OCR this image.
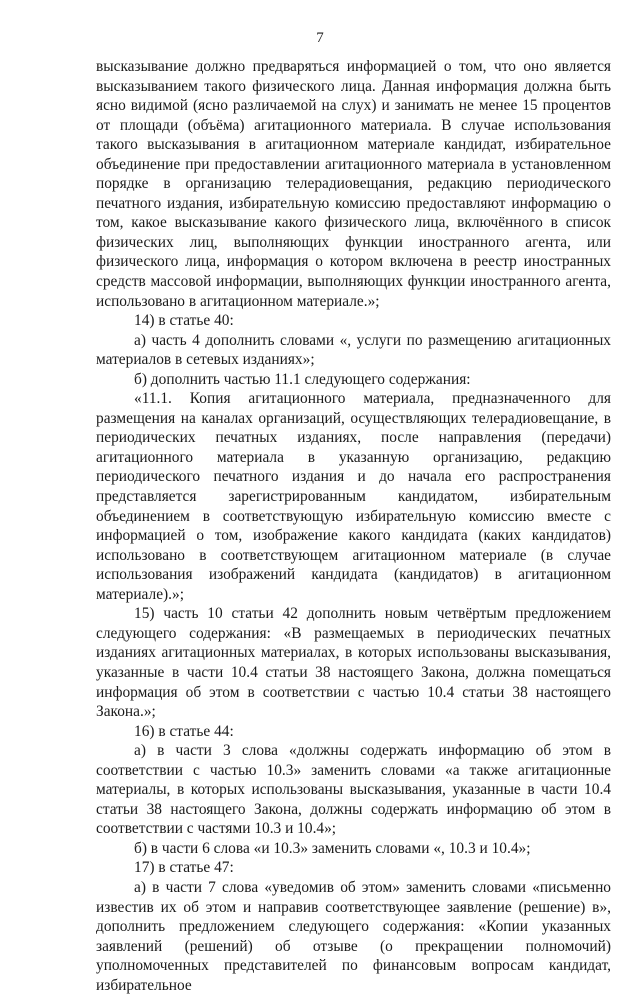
7

высказывание должно предваряться информацией о том, что оно является высказыванием такого физического лица. Данная информация должна быть ясно видимой (ясно различаемой на слух) и занимать не менее 15 процентов от площади (объёма) агитационного материала. В случае использования такого высказывания в агитационном материале кандидат, избирательное объединение при предоставлении агитационного материала в установленном порядке в организацию телерадиовещания, редакцию периодического печатного издания, избирательную комиссию предоставляют информацию о том, какое высказывание какого физического лица, включённого в список физических лиц, выполняющих функции иностранного агента, или физического лица, информация о котором включена в реестр иностранных средств массовой информации, выполняющих функции иностранного агента, использовано в агитационном материале.»;

14) в статье 40:

а) часть 4 дополнить словами «, услуги по размещению агитационных материалов в сетевых изданиях»;

б) дополнить частью 11.1 следующего содержания:

«11.1. Копия агитационного материала, предназначенного для размещения на каналах организаций, осуществляющих телерадиовещание, в периодических печатных изданиях, после направления (передачи) агитационного материала в указанную организацию, редакцию периодического печатного издания и до начала его распространения представляется зарегистрированным кандидатом, избирательным объединением в соответствующую избирательную комиссию вместе с информацией о том, изображение какого кандидата (каких кандидатов) использовано в соответствующем агитационном материале (в случае использования изображений кандидата (кандидатов) в агитационном материале).»;

15) часть 10 статьи 42 дополнить новым четвёртым предложением следующего содержания: «В размещаемых в периодических печатных изданиях агитационных материалах, в которых использованы высказывания, указанные в части 10.4 статьи 38 настоящего Закона, должна помещаться информация об этом в соответствии с частью 10.4 статьи 38 настоящего Закона.»;

16) в статье 44:

а) в части 3 слова «должны содержать информацию об этом в соответствии с частью 10.3» заменить словами «а также агитационные материалы, в которых использованы высказывания, указанные в части 10.4 статьи 38 настоящего Закона, должны содержать информацию об этом в соответствии с частями 10.3 и 10.4»;

б) в части 6 слова «и 10.3» заменить словами «, 10.3 и 10.4»;

17) в статье 47:

а) в части 7 слова «уведомив об этом» заменить словами «письменно известив их об этом и направив соответствующее заявление (решение) в», дополнить предложением следующего содержания: «Копии указанных заявлений (решений) об отзыве (о прекращении полномочий) уполномоченных представителей по финансовым вопросам кандидат, избирательное
